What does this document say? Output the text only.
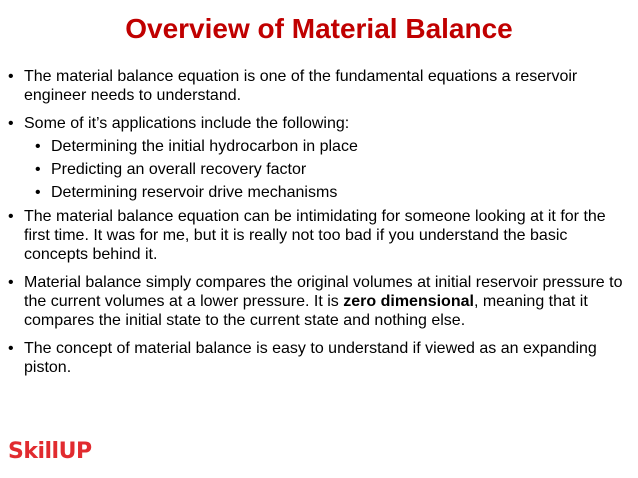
Overview of Material Balance
• The material balance equation is one of the fundamental equations a reservoir engineer needs to understand.
• Some of it’s applications include the following:
• Determining the initial hydrocarbon in place
• Predicting an overall recovery factor
• Determining reservoir drive mechanisms
• The material balance equation can be intimidating for someone looking at it for the first time. It was for me, but it is really not too bad if you understand the basic concepts behind it.
• Material balance simply compares the original volumes at initial reservoir pressure to the current volumes at a lower pressure. It is zero dimensional, meaning that it compares the initial state to the current state and nothing else.
• The concept of material balance is easy to understand if viewed as an expanding piston.
SkillUP
